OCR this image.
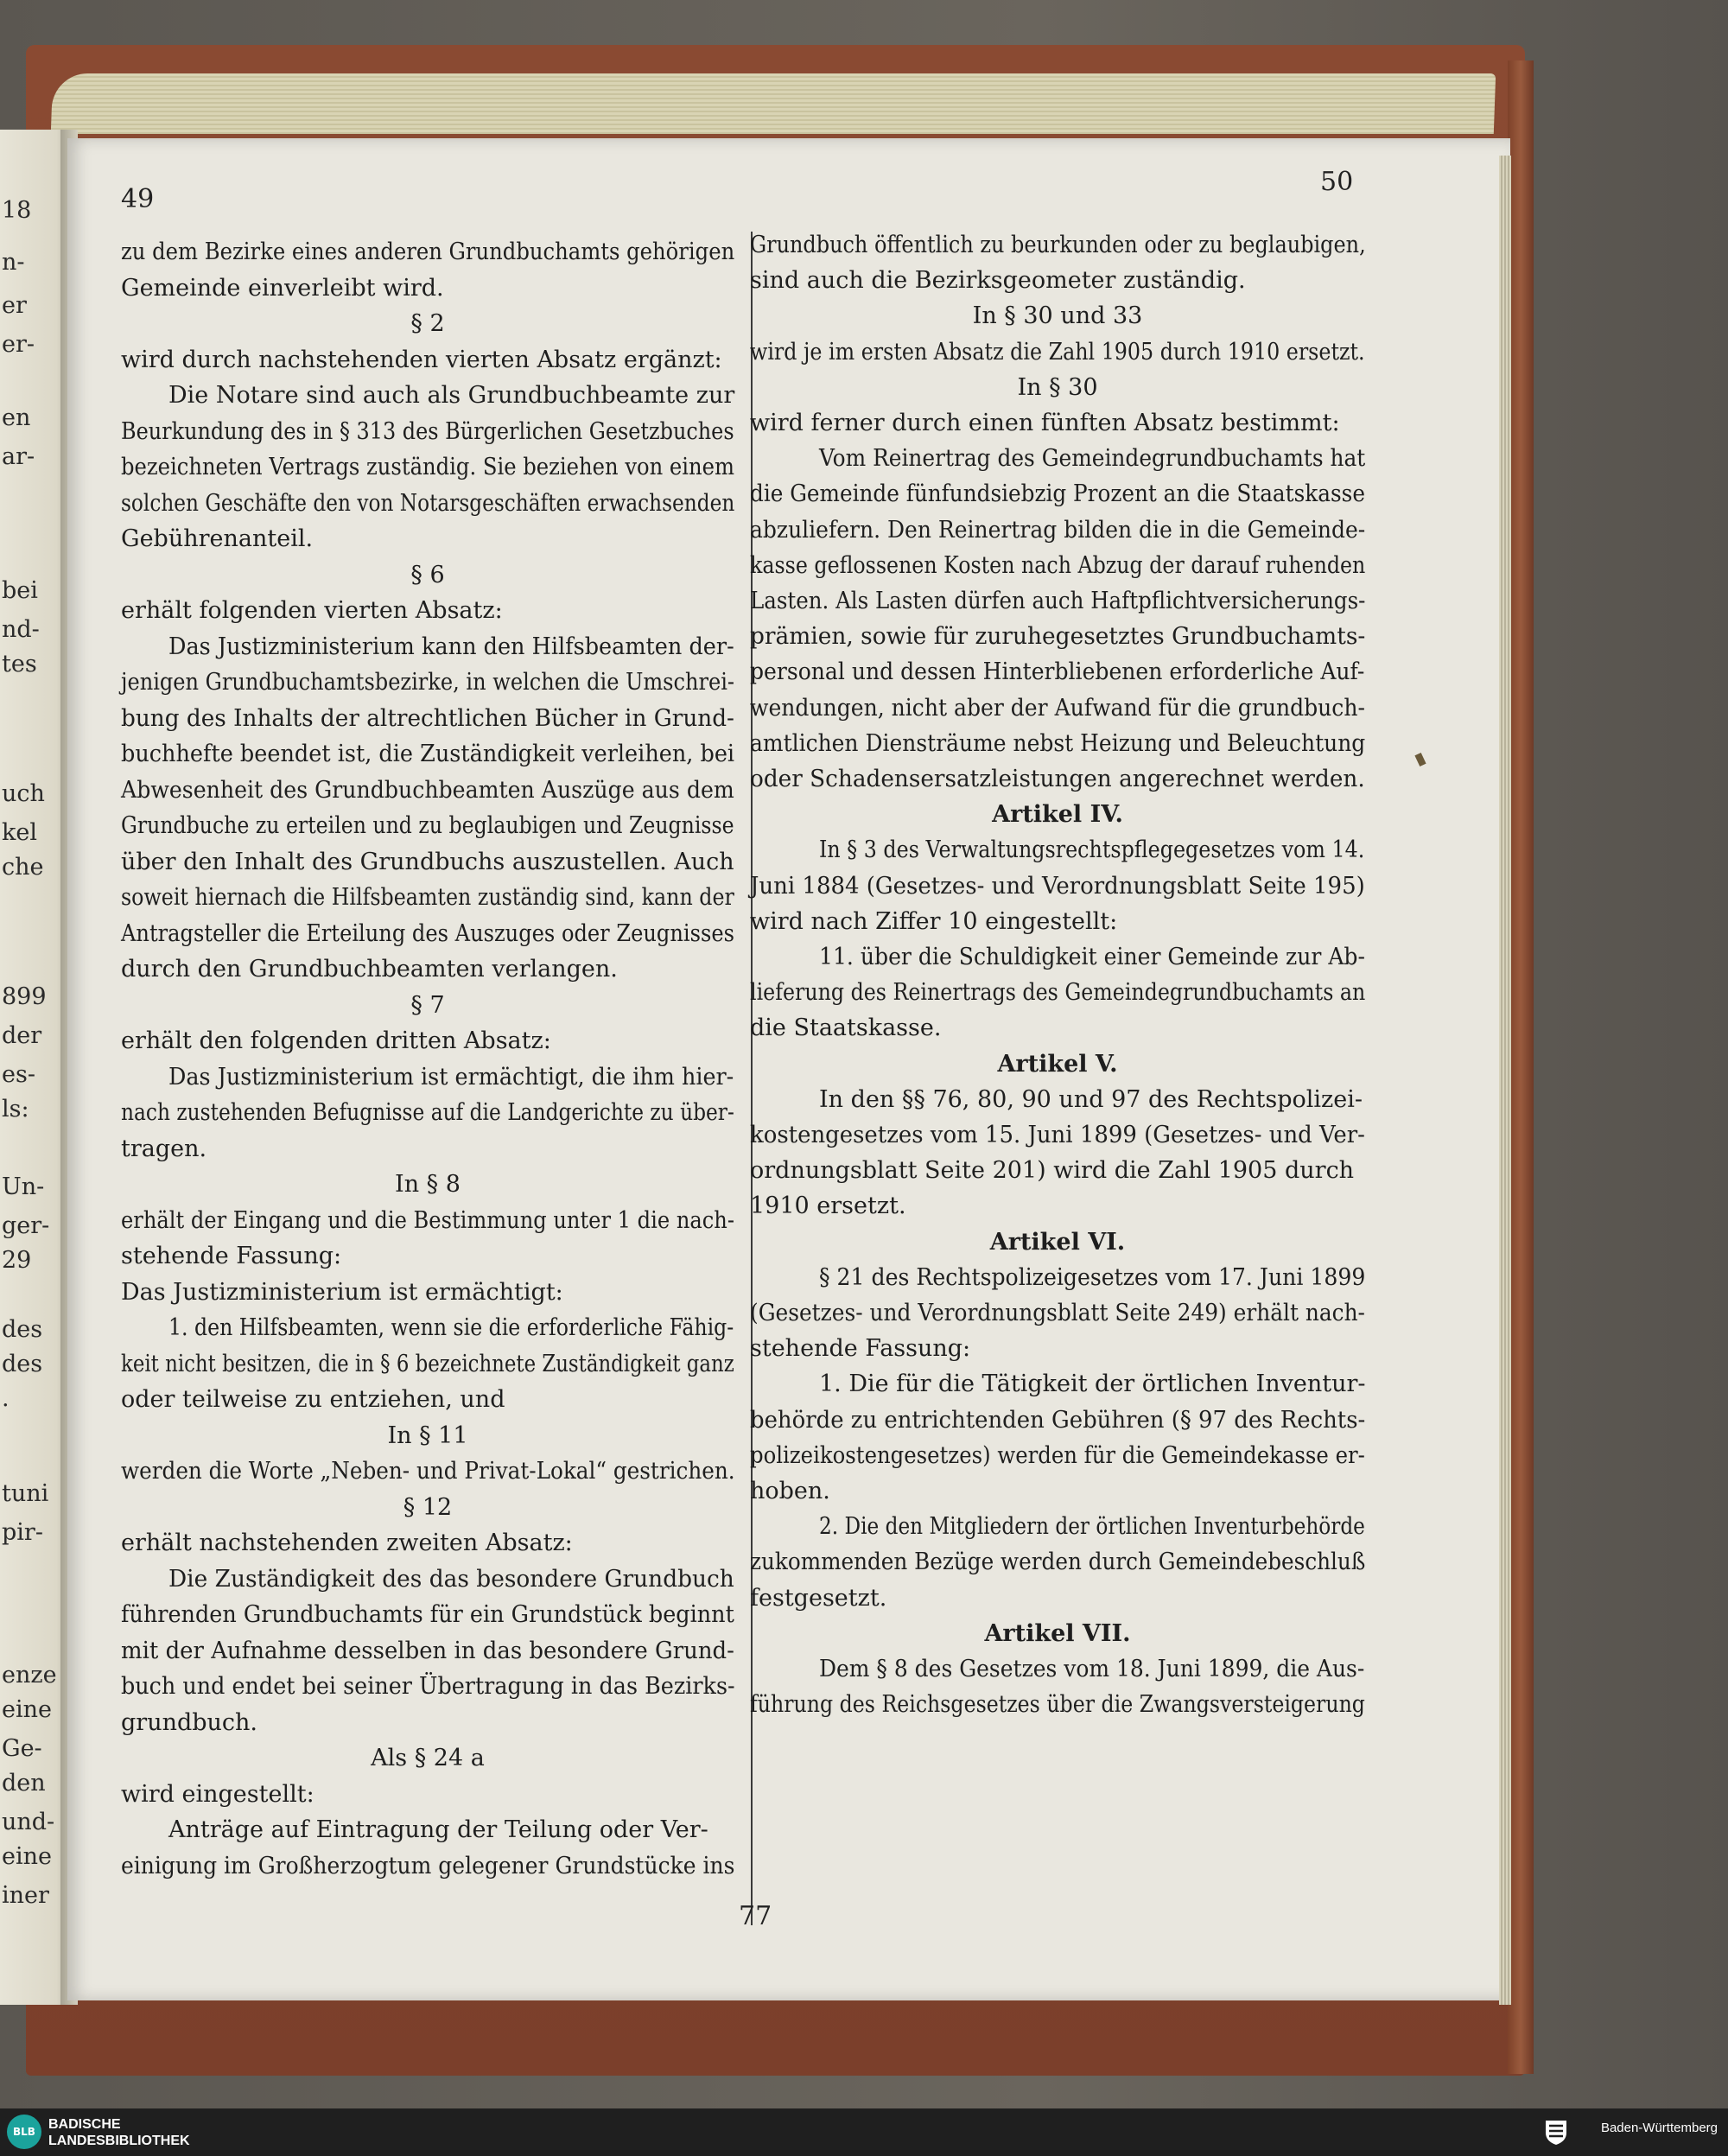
18
n-
er
er-
en
ar-
bei
nd-
tes
uch
kel
che
899
der
es-
ls:
Un-
ger-
29
des
des
.
tuni
pir-
enze
eine
Ge-
den
und-
eine
iner
49
50
zu dem Bezirke eines anderen Grundbuchamts gehörigen
Gemeinde einverleibt wird.
§ 2
wird durch nachstehenden vierten Absatz ergänzt:
Die Notare sind auch als Grundbuchbeamte zur
Beurkundung des in § 313 des Bürgerlichen Gesetzbuches
bezeichneten Vertrags zuständig. Sie beziehen von einem
solchen Geschäfte den von Notarsgeschäften erwachsenden
Gebührenanteil.
§ 6
erhält folgenden vierten Absatz:
Das Justizministerium kann den Hilfsbeamten der-
jenigen Grundbuchamtsbezirke, in welchen die Umschrei-
bung des Inhalts der altrechtlichen Bücher in Grund-
buchhefte beendet ist, die Zuständigkeit verleihen, bei
Abwesenheit des Grundbuchbeamten Auszüge aus dem
Grundbuche zu erteilen und zu beglaubigen und Zeugnisse
über den Inhalt des Grundbuchs auszustellen. Auch
soweit hiernach die Hilfsbeamten zuständig sind, kann der
Antragsteller die Erteilung des Auszuges oder Zeugnisses
durch den Grundbuchbeamten verlangen.
§ 7
erhält den folgenden dritten Absatz:
Das Justizministerium ist ermächtigt, die ihm hier-
nach zustehenden Befugnisse auf die Landgerichte zu über-
tragen.
In § 8
erhält der Eingang und die Bestimmung unter 1 die nach-
stehende Fassung:
Das Justizministerium ist ermächtigt:
1. den Hilfsbeamten, wenn sie die erforderliche Fähig-
keit nicht besitzen, die in § 6 bezeichnete Zuständigkeit ganz
oder teilweise zu entziehen, und
In § 11
werden die Worte „Neben- und Privat-Lokal“ gestrichen.
§ 12
erhält nachstehenden zweiten Absatz:
Die Zuständigkeit des das besondere Grundbuch
führenden Grundbuchamts für ein Grundstück beginnt
mit der Aufnahme desselben in das besondere Grund-
buch und endet bei seiner Übertragung in das Bezirks-
grundbuch.
Als § 24 a
wird eingestellt:
Anträge auf Eintragung der Teilung oder Ver-
einigung im Großherzogtum gelegener Grundstücke ins
Grundbuch öffentlich zu beurkunden oder zu beglaubigen,
sind auch die Bezirksgeometer zuständig.
In § 30 und 33
wird je im ersten Absatz die Zahl 1905 durch 1910 ersetzt.
In § 30
wird ferner durch einen fünften Absatz bestimmt:
Vom Reinertrag des Gemeindegrundbuchamts hat
die Gemeinde fünfundsiebzig Prozent an die Staatskasse
abzuliefern. Den Reinertrag bilden die in die Gemeinde-
kasse geflossenen Kosten nach Abzug der darauf ruhenden
Lasten. Als Lasten dürfen auch Haftpflichtversicherungs-
prämien, sowie für zuruhegesetztes Grundbuchamts-
personal und dessen Hinterbliebenen erforderliche Auf-
wendungen, nicht aber der Aufwand für die grundbuch-
amtlichen Diensträume nebst Heizung und Beleuchtung
oder Schadensersatzleistungen angerechnet werden.
Artikel IV.
In § 3 des Verwaltungsrechtspflegegesetzes vom 14.
Juni 1884 (Gesetzes- und Verordnungsblatt Seite 195)
wird nach Ziffer 10 eingestellt:
11. über die Schuldigkeit einer Gemeinde zur Ab-
lieferung des Reinertrags des Gemeindegrundbuchamts an
die Staatskasse.
Artikel V.
In den §§ 76, 80, 90 und 97 des Rechtspolizei-
kostengesetzes vom 15. Juni 1899 (Gesetzes- und Ver-
ordnungsblatt Seite 201) wird die Zahl 1905 durch
1910 ersetzt.
Artikel VI.
§ 21 des Rechtspolizeigesetzes vom 17. Juni 1899
(Gesetzes- und Verordnungsblatt Seite 249) erhält nach-
stehende Fassung:
1. Die für die Tätigkeit der örtlichen Inventur-
behörde zu entrichtenden Gebühren (§ 97 des Rechts-
polizeikostengesetzes) werden für die Gemeindekasse er-
hoben.
2. Die den Mitgliedern der örtlichen Inventurbehörde
zukommenden Bezüge werden durch Gemeindebeschluß
festgesetzt.
Artikel VII.
Dem § 8 des Gesetzes vom 18. Juni 1899, die Aus-
führung des Reichsgesetzes über die Zwangsversteigerung
77
BLB BADISCHE
LANDESBIBLIOTHEK
Baden-Württemberg
